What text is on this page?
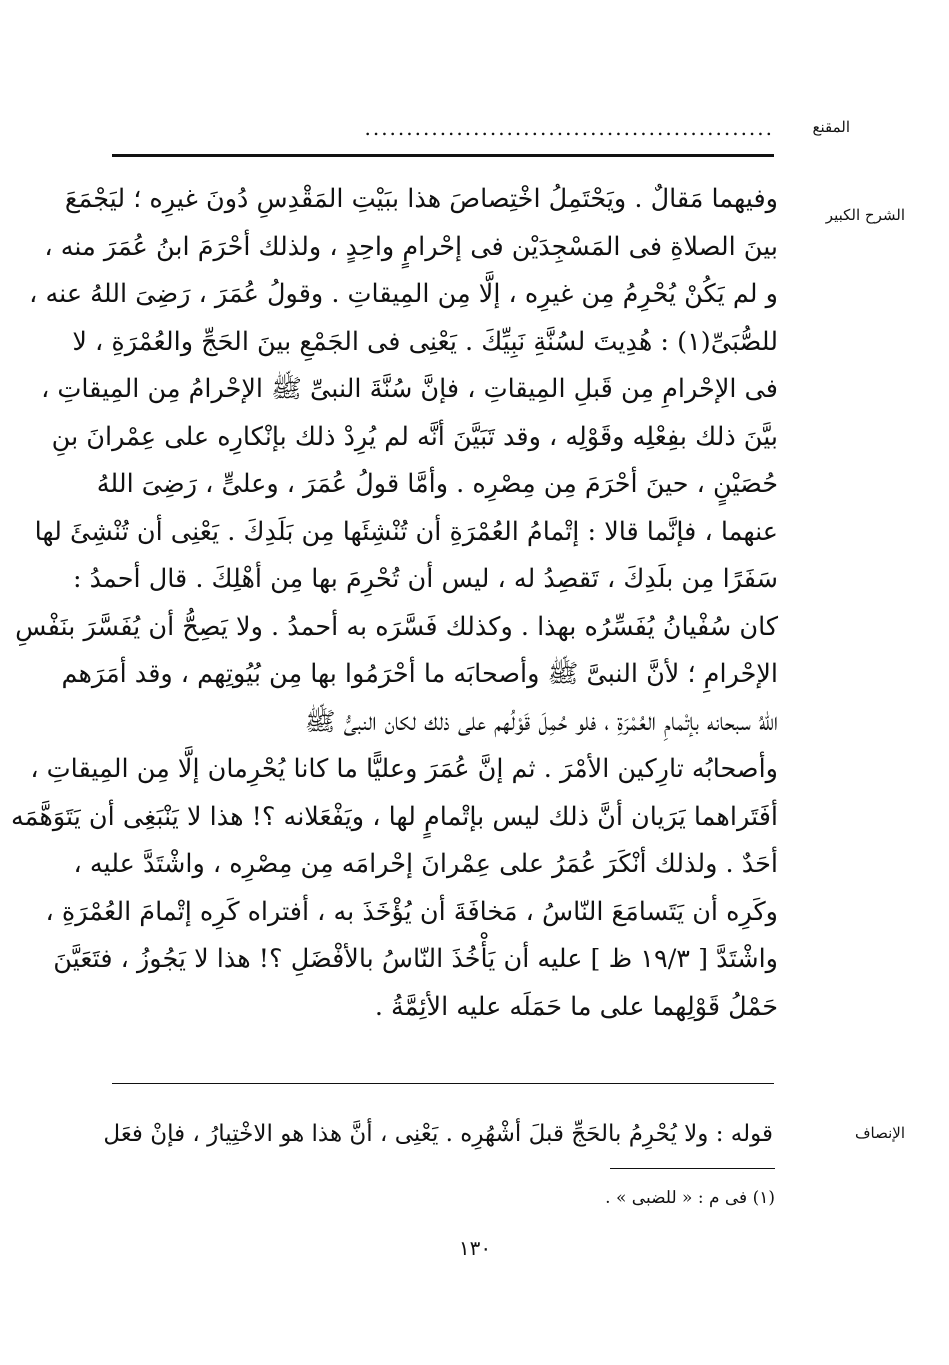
المقنع
.................................................
الشرح الكبير
وفيهما مَقالٌ . ويَحْتَمِلُ اخْتِصاصَ هذا ببَيْتِ المَقْدِسِ دُونَ غيرِه ؛ ليَجْمَعَ
بينَ الصلاةِ فى المَسْجِدَيْن فى إحْرامٍ واحِدٍ ، ولذلك أحْرَمَ ابنُ عُمَرَ منه ،
و لم يَكُنْ يُحْرِمُ مِن غيرِه ، إلَّا مِن المِيقاتِ . وقولُ عُمَرَ ، رَضِىَ اللهُ عنه ،
للصُّبَىِّ(١) : هُدِيتَ لسُنَّةِ نَبِيِّكَ . يَعْنِى فى الجَمْعِ بينَ الحَجِّ والعُمْرَةِ ، لا
فى الإحْرامِ مِن قَبلِ المِيقاتِ ، فإنَّ سُنَّةَ النبىِّ ﷺ الإحْرامُ مِن المِيقاتِ ،
بيَّنَ ذلك بفِعْلِه وقَوْلِه ، وقد تَبَيَّنَ أنَّه لم يُرِدْ ذلك بإنْكارِه على عِمْرانَ بنِ
حُصَيْنٍ ، حينَ أحْرَمَ مِن مِصْرِه . وأمَّا قولُ عُمَرَ ، وعلىٍّ ، رَضِىَ اللهُ
عنهما ، فإنَّما قالا : إتْمامُ العُمْرَةِ أن تُنْشِئَها مِن بَلَدِكَ . يَعْنِى أن تُنْشِئَ لها
سَفَرًا مِن بلَدِكَ ، تَقصِدُ له ، ليس أن تُحْرِمَ بها مِن أهْلِكَ . قال أحمدُ :
كان سُفْيانُ يُفَسِّرُه بهذا . وكذلك فَسَّرَه به أحمدُ . ولا يَصِحُّ أن يُفَسَّرَ بنَفْسِ
الإحْرامِ ؛ لأنَّ النبىَّ ﷺ وأصحابَه ما أحْرَمُوا بها مِن بُيُوتِهم ، وقد أمَرَهم
اللهُ سبحانه بإتْمامِ العُمْرَةِ ، فلو حُمِلَ قَوْلُهم على ذلك لكان النبىُّ ﷺ
وأصحابُه تارِكين الأمْرَ . ثم إنَّ عُمَرَ وعليًّا ما كانا يُحْرِمان إلَّا مِن المِيقاتِ ،
أفَتَراهما يَرَيان أنَّ ذلك ليس بإتْمامٍ لها ، ويَفْعَلانه ؟! هذا لا يَنْبَغِى أن يَتَوَهَّمَه
أحَدٌ . ولذلك أنْكَرَ عُمَرُ على عِمْرانَ إحْرامَه مِن مِصْرِه ، واشْتَدَّ عليه ،
وكَرِه أن يَتَسامَعَ النّاسُ ، مَخافَةَ أن يُؤْخَذَ به ، أفتراه كَرِه إتْمامَ العُمْرَةِ ،
واشْتَدَّ [ ١٩/٣ ظ ] عليه أن يَأْخُذَ النّاسُ بالأفْضَلِ ؟! هذا لا يَجُوزُ ، فتَعَيَّنَ
حَمْلُ قَوْلِهما على ما حَمَلَه عليه الأئِمَّةُ .
الإنصاف
قوله : ولا يُحْرِمُ بالحَجِّ قبلَ أشْهُرِه . يَعْنِى ، أنَّ هذا هو الاخْتِيارُ ، فإنْ فعَل
(١) فى م : « للضبى » .
١٣٠
